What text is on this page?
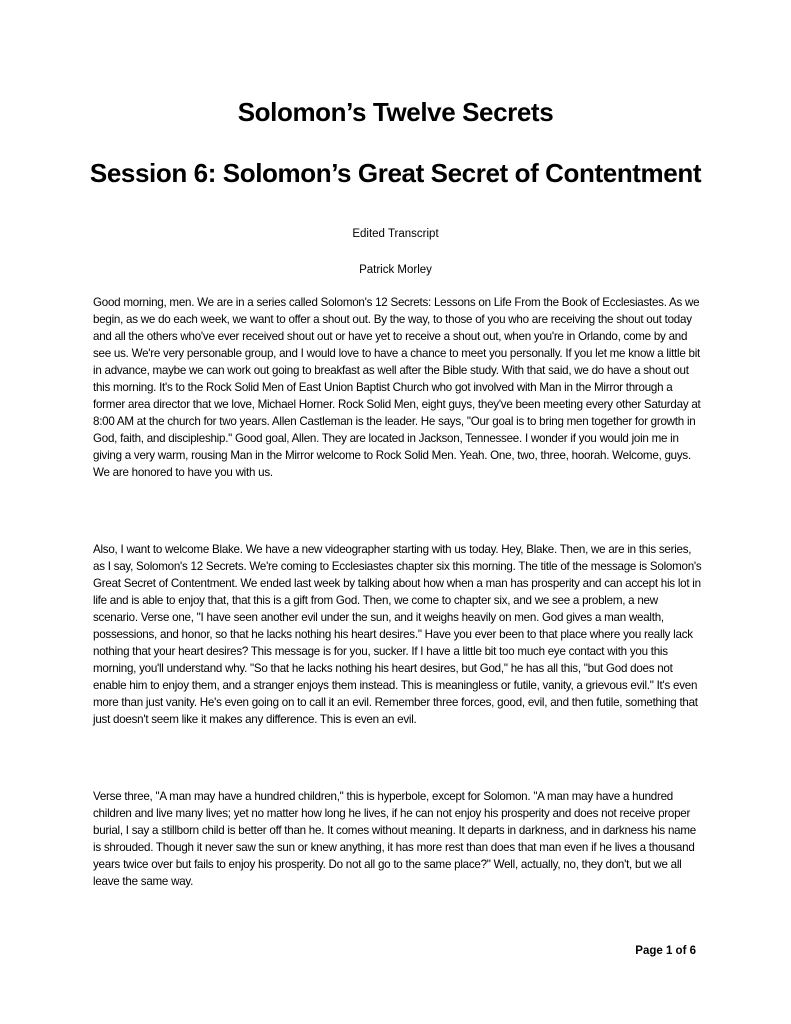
Solomon’s Twelve Secrets
Session 6: Solomon’s Great Secret of Contentment

Edited Transcript

Patrick Morley

Good morning, men. We are in a series called Solomon's 12 Secrets: Lessons on Life From the Book of Ecclesiastes. As we begin, as we do each week, we want to offer a shout out. By the way, to those of you who are receiving the shout out today and all the others who've ever received shout out or have yet to receive a shout out, when you're in Orlando, come by and see us. We're very personable group, and I would love to have a chance to meet you personally. If you let me know a little bit in advance, maybe we can work out going to breakfast as well after the Bible study. With that said, we do have a shout out this morning. It's to the Rock Solid Men of East Union Baptist Church who got involved with Man in the Mirror through a former area director that we love, Michael Horner. Rock Solid Men, eight guys, they've been meeting every other Saturday at 8:00 AM at the church for two years. Allen Castleman is the leader. He says, "Our goal is to bring men together for growth in God, faith, and discipleship." Good goal, Allen. They are located in Jackson, Tennessee. I wonder if you would join me in giving a very warm, rousing Man in the Mirror welcome to Rock Solid Men. Yeah. One, two, three, hoorah. Welcome, guys. We are honored to have you with us.

Also, I want to welcome Blake. We have a new videographer starting with us today. Hey, Blake. Then, we are in this series, as I say, Solomon's 12 Secrets. We're coming to Ecclesiastes chapter six this morning. The title of the message is Solomon's Great Secret of Contentment. We ended last week by talking about how when a man has prosperity and can accept his lot in life and is able to enjoy that, that this is a gift from God. Then, we come to chapter six, and we see a problem, a new scenario. Verse one, "I have seen another evil under the sun, and it weighs heavily on men. God gives a man wealth, possessions, and honor, so that he lacks nothing his heart desires." Have you ever been to that place where you really lack nothing that your heart desires? This message is for you, sucker. If I have a little bit too much eye contact with you this morning, you'll understand why. "So that he lacks nothing his heart desires, but God," he has all this, "but God does not enable him to enjoy them, and a stranger enjoys them instead. This is meaningless or futile, vanity, a grievous evil." It's even more than just vanity. He's even going on to call it an evil. Remember three forces, good, evil, and then futile, something that just doesn't seem like it makes any difference. This is even an evil.

Verse three, "A man may have a hundred children," this is hyperbole, except for Solomon. "A man may have a hundred children and live many lives; yet no matter how long he lives, if he can not enjoy his prosperity and does not receive proper burial, I say a stillborn child is better off than he. It comes without meaning. It departs in darkness, and in darkness his name is shrouded. Though it never saw the sun or knew anything, it has more rest than does that man even if he lives a thousand years twice over but fails to enjoy his prosperity. Do not all go to the same place?" Well, actually, no, they don't, but we all leave the same way.

Page 1 of 6
